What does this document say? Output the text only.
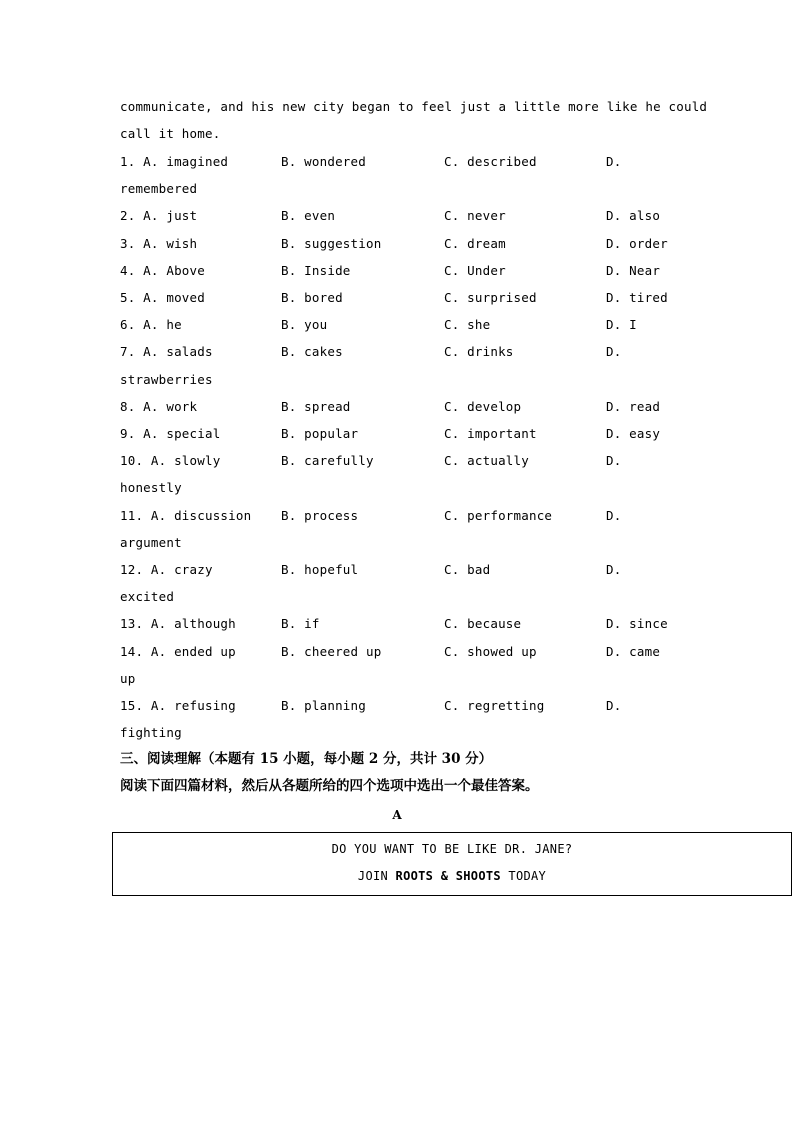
communicate, and his new city began to feel just a little more like he could
call it home.
1. A. imagined	B. wondered	C. described	D.
remembered
2. A. just	B. even	C. never	D. also
3. A. wish	B. suggestion	C. dream	D. order
4. A. Above	B. Inside	C. Under	D. Near
5. A. moved	B. bored	C. surprised	D. tired
6. A. he	B. you	C. she	D. I
7. A. salads	B. cakes	C. drinks	D.
strawberries
8. A. work	B. spread	C. develop	D. read
9. A. special	B. popular	C. important	D. easy
10. A. slowly	B. carefully	C. actually	D.
honestly
11. A. discussion B. process	C. performance	D.
argument
12. A. crazy	B. hopeful	C. bad	D.
excited
13. A. although	B. if	C. because	D. since
14. A. ended up	B. cheered up	C. showed up	D. came
up
15. A. refusing	B. planning	C. regretting	D.
fighting
三、阅读理解（本题有 15 小题，每小题 2 分，共计 30 分）
阅读下面四篇材料，然后从各题所给的四个选项中选出一个最佳答案。
A
DO YOU WANT TO BE LIKE DR. JANE?
JOIN ROOTS & SHOOTS TODAY
